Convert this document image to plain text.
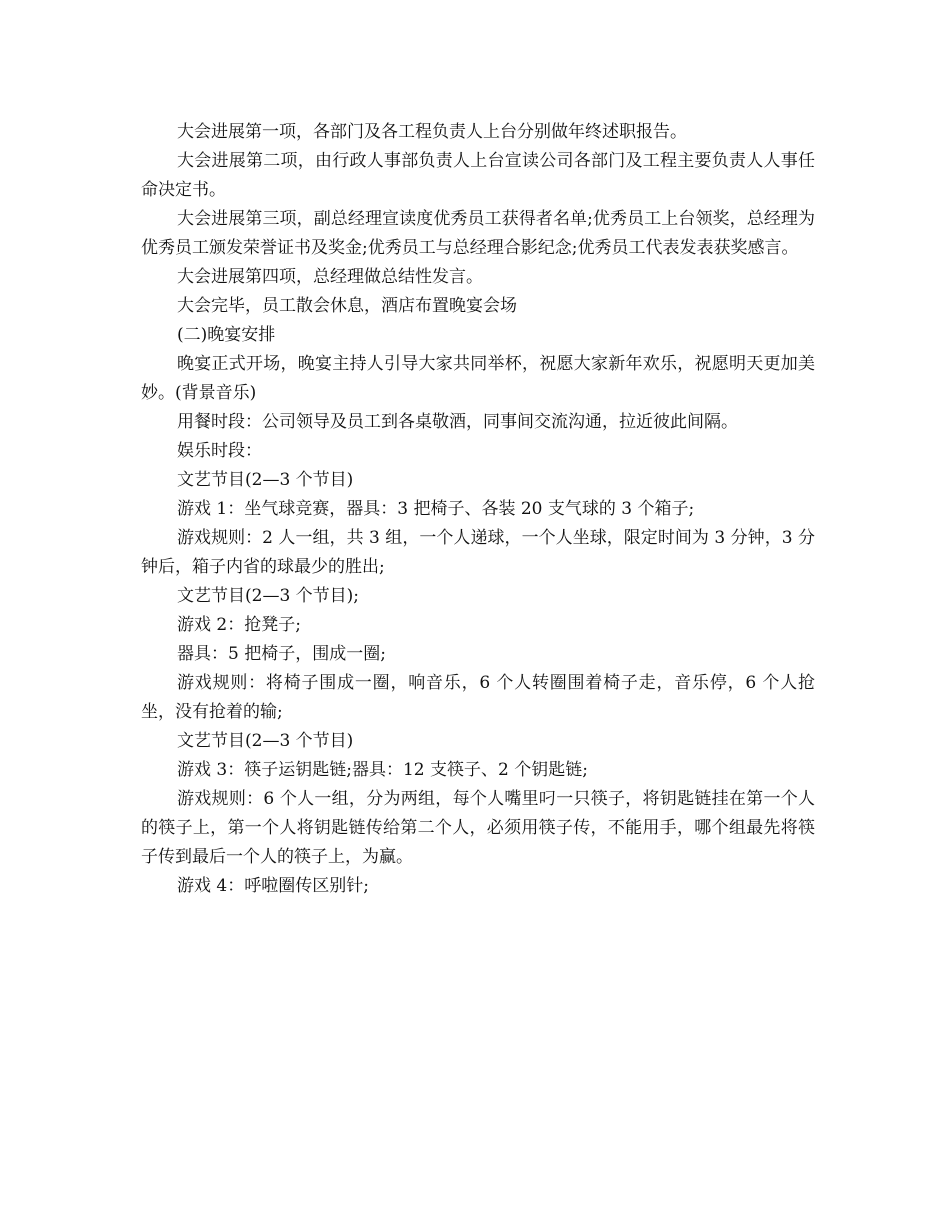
大会进展第一项，各部门及各工程负责人上台分别做年终述职报告。

大会进展第二项，由行政人事部负责人上台宣读公司各部门及工程主要负责人人事任命决定书。

大会进展第三项，副总经理宣读度优秀员工获得者名单;优秀员工上台领奖，总经理为优秀员工颁发荣誉证书及奖金;优秀员工与总经理合影纪念;优秀员工代表发表获奖感言。

大会进展第四项，总经理做总结性发言。

大会完毕，员工散会休息，酒店布置晚宴会场

(二)晚宴安排

晚宴正式开场，晚宴主持人引导大家共同举杯，祝愿大家新年欢乐，祝愿明天更加美妙。(背景音乐)

用餐时段：公司领导及员工到各桌敬酒，同事间交流沟通，拉近彼此间隔。

娱乐时段：

文艺节目(2—3 个节目)

游戏 1：坐气球竞赛，器具：3 把椅子、各装 20 支气球的 3 个箱子;

游戏规则：2 人一组，共 3 组，一个人递球，一个人坐球，限定时间为 3 分钟，3 分钟后，箱子内省的球最少的胜出;

文艺节目(2—3 个节目);

游戏 2：抢凳子;

器具：5 把椅子，围成一圈;

游戏规则：将椅子围成一圈，响音乐，6 个人转圈围着椅子走，音乐停，6 个人抢坐，没有抢着的输;

文艺节目(2—3 个节目)

游戏 3：筷子运钥匙链;器具：12 支筷子、2 个钥匙链;

游戏规则：6 个人一组，分为两组，每个人嘴里叼一只筷子，将钥匙链挂在第一个人的筷子上，第一个人将钥匙链传给第二个人，必须用筷子传，不能用手，哪个组最先将筷子传到最后一个人的筷子上，为赢。

游戏 4：呼啦圈传区别针;
